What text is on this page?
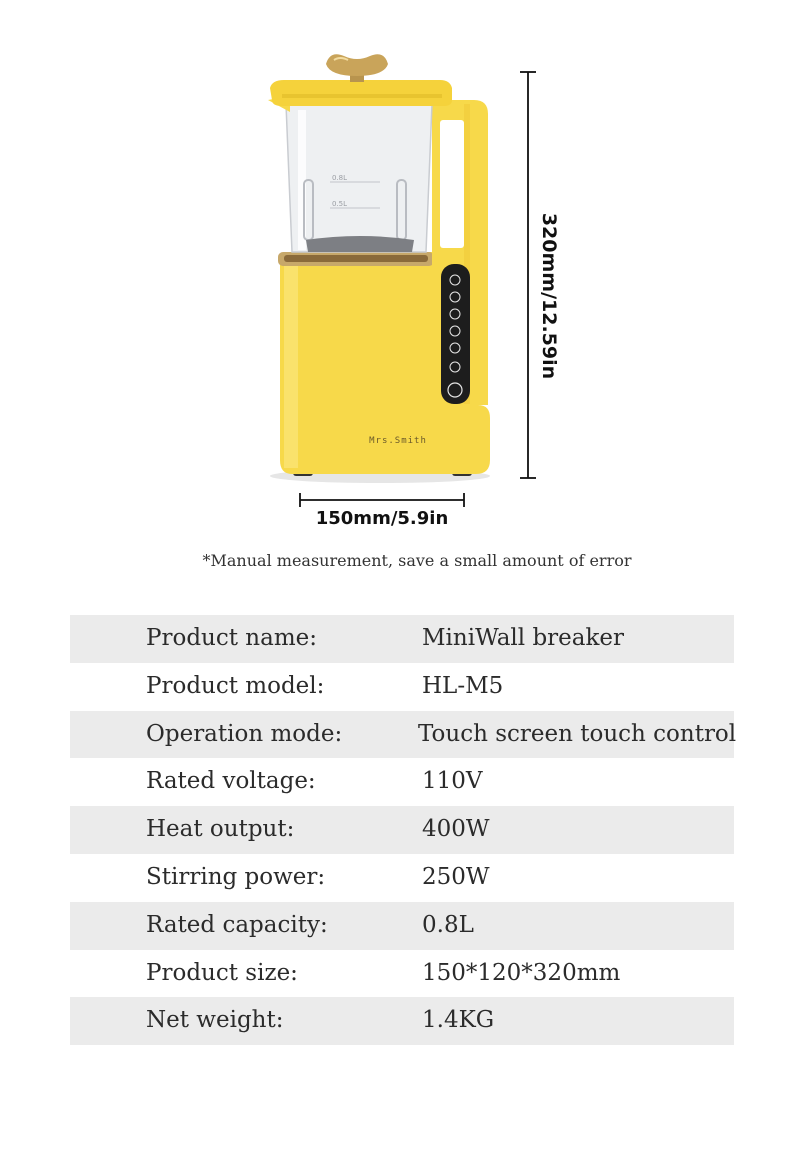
0.8L
0.5L
Mrs.Smith
320mm/12.59in
150mm/5.9in
*Manual measurement, save a small amount of error
Product name:	MiniWall breaker
Product model:	HL-M5
Operation mode:	Touch screen touch control
Rated voltage:	110V
Heat output:	400W
Stirring power:	250W
Rated capacity:	0.8L
Product size:	150*120*320mm
Net weight:	1.4KG
